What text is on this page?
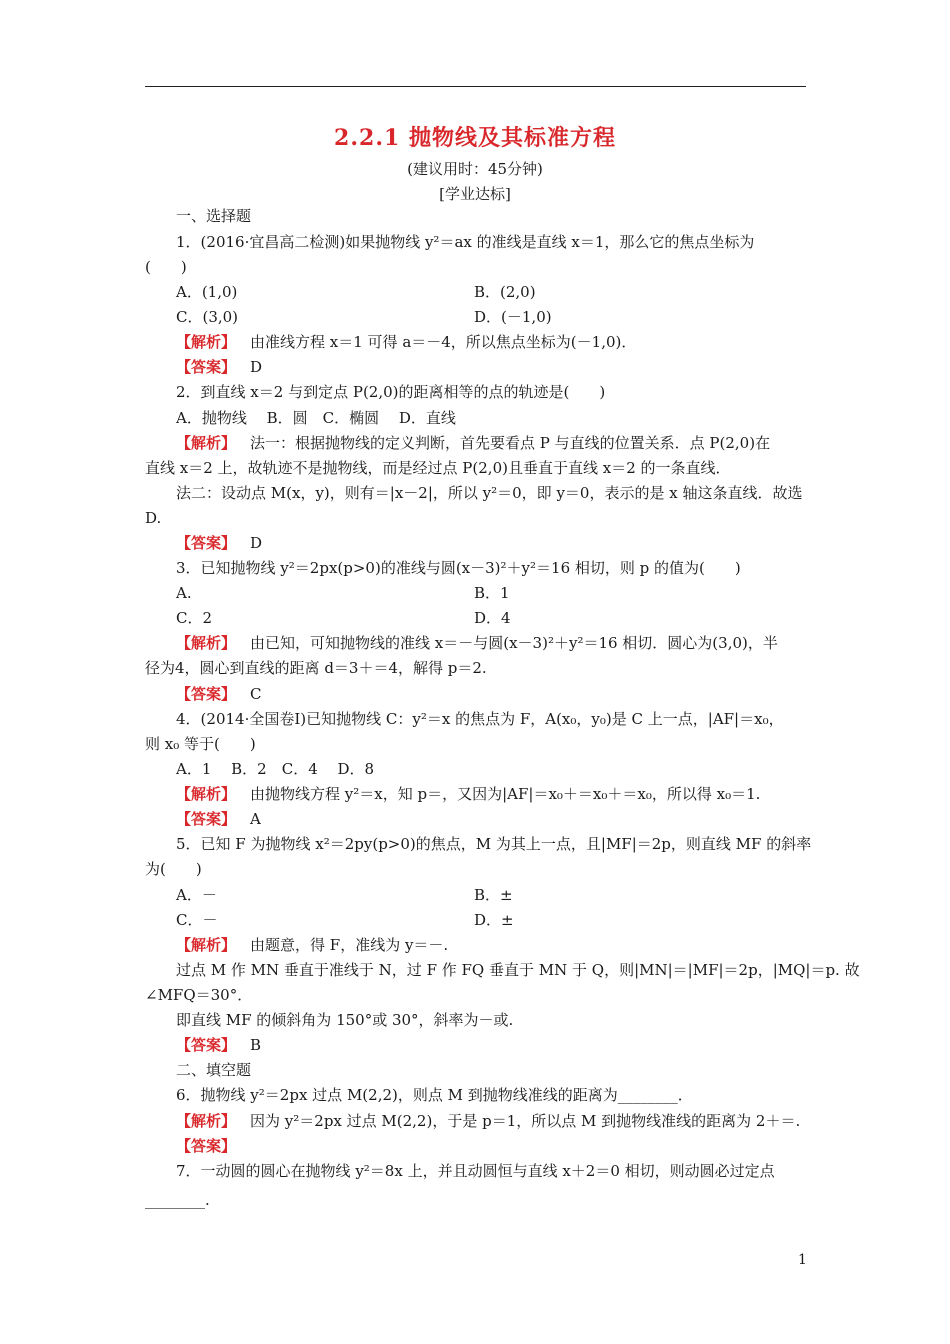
2.2.1 抛物线及其标准方程
(建议用时：45分钟)
[学业达标]
一、选择题
1．(2016·宜昌高二检测)如果抛物线 y²＝ax 的准线是直线 x＝1，那么它的焦点坐标为
(　　)
A．(1,0)	B．(2,0)
C．(3,0)	D．(－1,0)
【解析】 由准线方程 x＝1 可得 a＝－4，所以焦点坐标为(－1,0)．
【答案】 D
2．到直线 x＝2 与到定点 P(2,0)的距离相等的点的轨迹是(　　)
A．抛物线　 B．圆　C．椭圆　 D．直线
【解析】 法一：根据抛物线的定义判断，首先要看点 P 与直线的位置关系．点 P(2,0)在
直线 x＝2 上，故轨迹不是抛物线，而是经过点 P(2,0)且垂直于直线 x＝2 的一条直线．
法二：设动点 M(x，y)，则有＝|x－2|，所以 y²＝0，即 y＝0，表示的是 x 轴这条直线．故选
D.
【答案】 D
3．已知抛物线 y²＝2px(p>0)的准线与圆(x－3)²＋y²＝16 相切，则 p 的值为(　　)
A.	B．1
C．2	D．4
【解析】 由已知，可知抛物线的准线 x＝－与圆(x－3)²＋y²＝16 相切．圆心为(3,0)，半
径为4，圆心到直线的距离 d＝3＋＝4，解得 p＝2.
【答案】 C
4．(2014·全国卷Ⅰ)已知抛物线 C：y²＝x 的焦点为 F，A(x₀，y₀)是 C 上一点，|AF|＝x₀，
则 x₀ 等于(　　)
A．1　 B．2　C．4　 D．8
【解析】 由抛物线方程 y²＝x，知 p＝，又因为|AF|＝x₀＋＝x₀＋＝x₀，所以得 x₀＝1.
【答案】 A
5．已知 F 为抛物线 x²＝2py(p>0)的焦点，M 为其上一点，且|MF|＝2p，则直线 MF 的斜率
为(　　)
A．－	B．±
C．－	D．±
【解析】 由题意，得 F，准线为 y＝－.
过点 M 作 MN 垂直于准线于 N，过 F 作 FQ 垂直于 MN 于 Q，则|MN|＝|MF|＝2p，|MQ|＝p. 故
∠MFQ＝30°．
即直线 MF 的倾斜角为 150°或 30°，斜率为－或.
【答案】 B
二、填空题
6．抛物线 y²＝2px 过点 M(2,2)，则点 M 到抛物线准线的距离为________．
【解析】 因为 y²＝2px 过点 M(2,2)，于是 p＝1，所以点 M 到抛物线准线的距离为 2＋＝.
【答案】
7．一动圆的圆心在抛物线 y²＝8x 上，并且动圆恒与直线 x＋2＝0 相切，则动圆必过定点
________.
1
